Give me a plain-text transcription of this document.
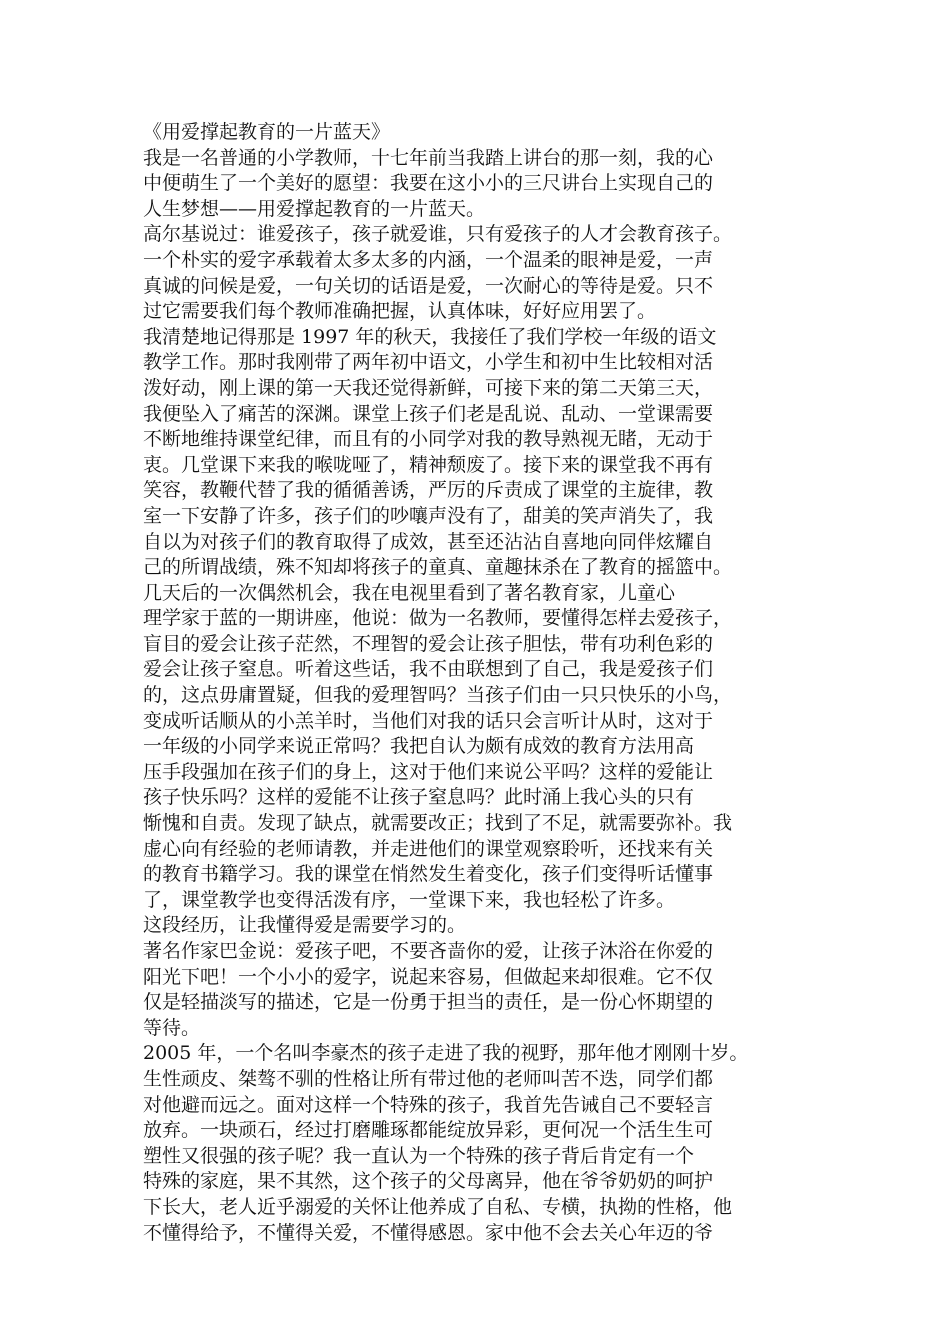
《用爱撑起教育的一片蓝天》
我是一名普通的小学教师，十七年前当我踏上讲台的那一刻，我的心
中便萌生了一个美好的愿望：我要在这小小的三尺讲台上实现自己的
人生梦想——用爱撑起教育的一片蓝天。
高尔基说过：谁爱孩子，孩子就爱谁，只有爱孩子的人才会教育孩子。
一个朴实的爱字承载着太多太多的内涵，一个温柔的眼神是爱，一声
真诚的问候是爱，一句关切的话语是爱，一次耐心的等待是爱。只不
过它需要我们每个教师准确把握，认真体味，好好应用罢了。
我清楚地记得那是 1997 年的秋天，我接任了我们学校一年级的语文
教学工作。那时我刚带了两年初中语文，小学生和初中生比较相对活
泼好动，刚上课的第一天我还觉得新鲜，可接下来的第二天第三天，
我便坠入了痛苦的深渊。课堂上孩子们老是乱说、乱动、一堂课需要
不断地维持课堂纪律，而且有的小同学对我的教导熟视无睹，无动于
衷。几堂课下来我的喉咙哑了，精神颓废了。接下来的课堂我不再有
笑容，教鞭代替了我的循循善诱，严厉的斥责成了课堂的主旋律，教
室一下安静了许多，孩子们的吵嚷声没有了，甜美的笑声消失了，我
自以为对孩子们的教育取得了成效，甚至还沾沾自喜地向同伴炫耀自
己的所谓战绩，殊不知却将孩子的童真、童趣抹杀在了教育的摇篮中。
几天后的一次偶然机会，我在电视里看到了著名教育家，儿童心
理学家于蓝的一期讲座，他说：做为一名教师，要懂得怎样去爱孩子，
盲目的爱会让孩子茫然，不理智的爱会让孩子胆怯，带有功利色彩的
爱会让孩子窒息。听着这些话，我不由联想到了自己，我是爱孩子们
的，这点毋庸置疑，但我的爱理智吗？当孩子们由一只只快乐的小鸟，
变成听话顺从的小羔羊时，当他们对我的话只会言听计从时，这对于
一年级的小同学来说正常吗？我把自认为颇有成效的教育方法用高
压手段强加在孩子们的身上，这对于他们来说公平吗？这样的爱能让
孩子快乐吗？这样的爱能不让孩子窒息吗？此时涌上我心头的只有
惭愧和自责。发现了缺点，就需要改正；找到了不足，就需要弥补。我
虚心向有经验的老师请教，并走进他们的课堂观察聆听，还找来有关
的教育书籍学习。我的课堂在悄然发生着变化，孩子们变得听话懂事
了，课堂教学也变得活泼有序，一堂课下来，我也轻松了许多。
这段经历，让我懂得爱是需要学习的。
著名作家巴金说：爱孩子吧，不要吝啬你的爱，让孩子沐浴在你爱的
阳光下吧！一个小小的爱字，说起来容易，但做起来却很难。它不仅
仅是轻描淡写的描述，它是一份勇于担当的责任，是一份心怀期望的
等待。
2005 年，一个名叫李豪杰的孩子走进了我的视野，那年他才刚刚十岁。
生性顽皮、桀骜不驯的性格让所有带过他的老师叫苦不迭，同学们都
对他避而远之。面对这样一个特殊的孩子，我首先告诫自己不要轻言
放弃。一块顽石，经过打磨雕琢都能绽放异彩，更何况一个活生生可
塑性又很强的孩子呢？我一直认为一个特殊的孩子背后肯定有一个
特殊的家庭，果不其然，这个孩子的父母离异，他在爷爷奶奶的呵护
下长大，老人近乎溺爱的关怀让他养成了自私、专横，执拗的性格，他
不懂得给予，不懂得关爱，不懂得感恩。家中他不会去关心年迈的爷
